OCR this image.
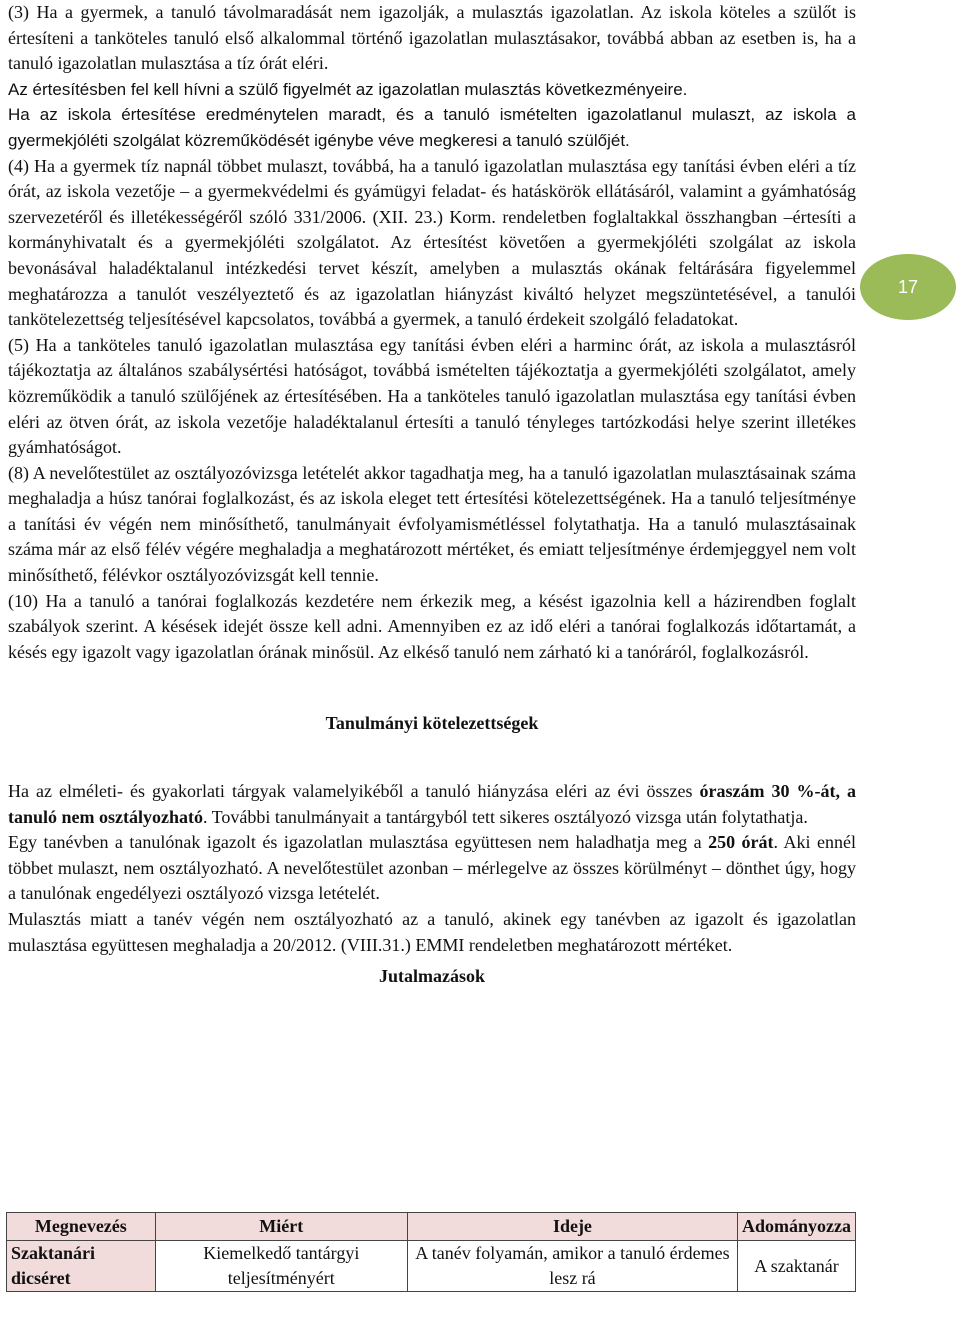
(3) Ha a gyermek, a tanuló távolmaradását nem igazolják, a mulasztás igazolatlan. Az iskola köteles a szülőt is értesíteni a tanköteles tanuló első alkalommal történő igazolatlan mulasztásakor, továbbá abban az esetben is, ha a tanuló igazolatlan mulasztása a tíz órát eléri.

Az értesítésben fel kell hívni a szülő figyelmét az igazolatlan mulasztás következményeire.

Ha az iskola értesítése eredménytelen maradt, és a tanuló ismételten igazolatlanul mulaszt, az iskola a gyermekjóléti szolgálat közreműködését igénybe véve megkeresi a tanuló szülőjét.

(4) Ha a gyermek tíz napnál többet mulaszt, továbbá, ha a tanuló igazolatlan mulasztása egy tanítási évben eléri a tíz órát, az iskola vezetője – a gyermekvédelmi és gyámügyi feladat- és hatáskörök ellátásáról, valamint a gyámhatóság szervezetéről és illetékességéről szóló 331/2006. (XII. 23.) Korm. rendeletben foglaltakkal összhangban –értesíti a kormányhivatalt és a gyermekjóléti szolgálatot. Az értesítést követően a gyermekjóléti szolgálat az iskola bevonásával haladéktalanul intézkedési tervet készít, amelyben a mulasztás okának feltárására figyelemmel meghatározza a tanulót veszélyeztető és az igazolatlan hiányzást kiváltó helyzet megszüntetésével, a tanulói tankötelezettség teljesítésével kapcsolatos, továbbá a gyermek, a tanuló érdekeit szolgáló feladatokat.

(5) Ha a tanköteles tanuló igazolatlan mulasztása egy tanítási évben eléri a harminc órát, az iskola a mulasztásról tájékoztatja az általános szabálysértési hatóságot, továbbá ismételten tájékoztatja a gyermekjóléti szolgálatot, amely közreműködik a tanuló szülőjének az értesítésében. Ha a tanköteles tanuló igazolatlan mulasztása egy tanítási évben eléri az ötven órát, az iskola vezetője haladéktalanul értesíti a tanuló tényleges tartózkodási helye szerint illetékes gyámhatóságot.

(8) A nevelőtestület az osztályozóvizsga letételét akkor tagadhatja meg, ha a tanuló igazolatlan mulasztásainak száma meghaladja a húsz tanórai foglalkozást, és az iskola eleget tett értesítési kötelezettségének. Ha a tanuló teljesítménye a tanítási év végén nem minősíthető, tanulmányait évfolyamismétléssel folytathatja. Ha a tanuló mulasztásainak száma már az első félév végére meghaladja a meghatározott mértéket, és emiatt teljesítménye érdemjeggyel nem volt minősíthető, félévkor osztályozóvizsgát kell tennie.

(10) Ha a tanuló a tanórai foglalkozás kezdetére nem érkezik meg, a késést igazolnia kell a házirendben foglalt szabályok szerint. A késések idejét össze kell adni. Amennyiben ez az idő eléri a tanórai foglalkozás időtartamát, a késés egy igazolt vagy igazolatlan órának minősül. Az elkéső tanuló nem zárható ki a tanóráról, foglalkozásról.

Tanulmányi kötelezettségek

Ha az elméleti- és gyakorlati tárgyak valamelyikéből a tanuló hiányzása eléri az évi összes óraszám 30 %-át, a tanuló nem osztályozható. További tanulmányait a tantárgyból tett sikeres osztályozó vizsga után folytathatja.

Egy tanévben a tanulónak igazolt és igazolatlan mulasztása együttesen nem haladhatja meg a 250 órát. Aki ennél többet mulaszt, nem osztályozható. A nevelőtestület azonban – mérlegelve az összes körülményt – dönthet úgy, hogy a tanulónak engedélyezi osztályozó vizsga letételét.

Mulasztás miatt a tanév végén nem osztályozható az a tanuló, akinek egy tanévben az igazolt és igazolatlan mulasztása együttesen meghaladja a 20/2012. (VIII.31.) EMMI rendeletben meghatározott mértéket.

Jutalmazások
17
Megnevezés	Miért	Ideje	Adományozza
Szaktanári dicséret	Kiemelkedő tantárgyi teljesítményért	A tanév folyamán, amikor a tanuló érdemes lesz rá	A szaktanár
